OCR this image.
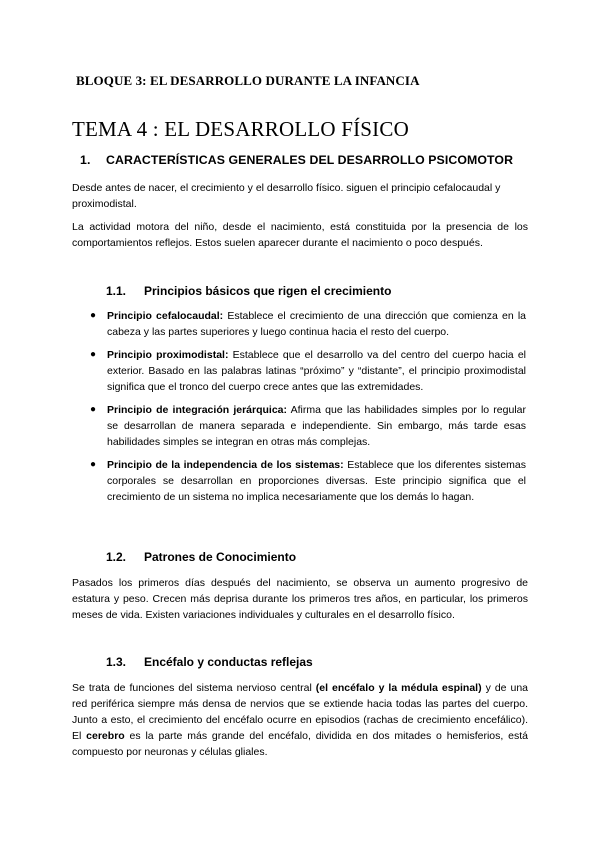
BLOQUE 3: EL DESARROLLO DURANTE LA INFANCIA
TEMA 4 : EL DESARROLLO FÍSICO
1. CARACTERÍSTICAS GENERALES DEL DESARROLLO PSICOMOTOR
Desde antes de nacer, el crecimiento y el desarrollo físico. siguen el principio cefalocaudal y proximodistal.
La actividad motora del niño, desde el nacimiento, está constituida por la presencia de los comportamientos reflejos. Estos suelen aparecer durante el nacimiento o poco después.
1.1. Principios básicos que rigen el crecimiento
● Principio cefalocaudal: Establece el crecimiento de una dirección que comienza en la cabeza y las partes superiores y luego continua hacia el resto del cuerpo.
● Principio proximodistal: Establece que el desarrollo va del centro del cuerpo hacia el exterior. Basado en las palabras latinas “próximo” y “distante”, el principio proximodistal significa que el tronco del cuerpo crece antes que las extremidades.
● Principio de integración jerárquica: Afirma que las habilidades simples por lo regular se desarrollan de manera separada e independiente. Sin embargo, más tarde esas habilidades simples se integran en otras más complejas.
● Principio de la independencia de los sistemas: Establece que los diferentes sistemas corporales se desarrollan en proporciones diversas. Este principio significa que el crecimiento de un sistema no implica necesariamente que los demás lo hagan.
1.2. Patrones de Conocimiento
Pasados los primeros días después del nacimiento, se observa un aumento progresivo de estatura y peso. Crecen más deprisa durante los primeros tres años, en particular, los primeros meses de vida. Existen variaciones individuales y culturales en el desarrollo físico.
1.3. Encéfalo y conductas reflejas
Se trata de funciones del sistema nervioso central (el encéfalo y la médula espinal) y de una red periférica siempre más densa de nervios que se extiende hacia todas las partes del cuerpo. Junto a esto, el crecimiento del encéfalo ocurre en episodios (rachas de crecimiento encefálico). El cerebro es la parte más grande del encéfalo, dividida en dos mitades o hemisferios, está compuesto por neuronas y células gliales.
